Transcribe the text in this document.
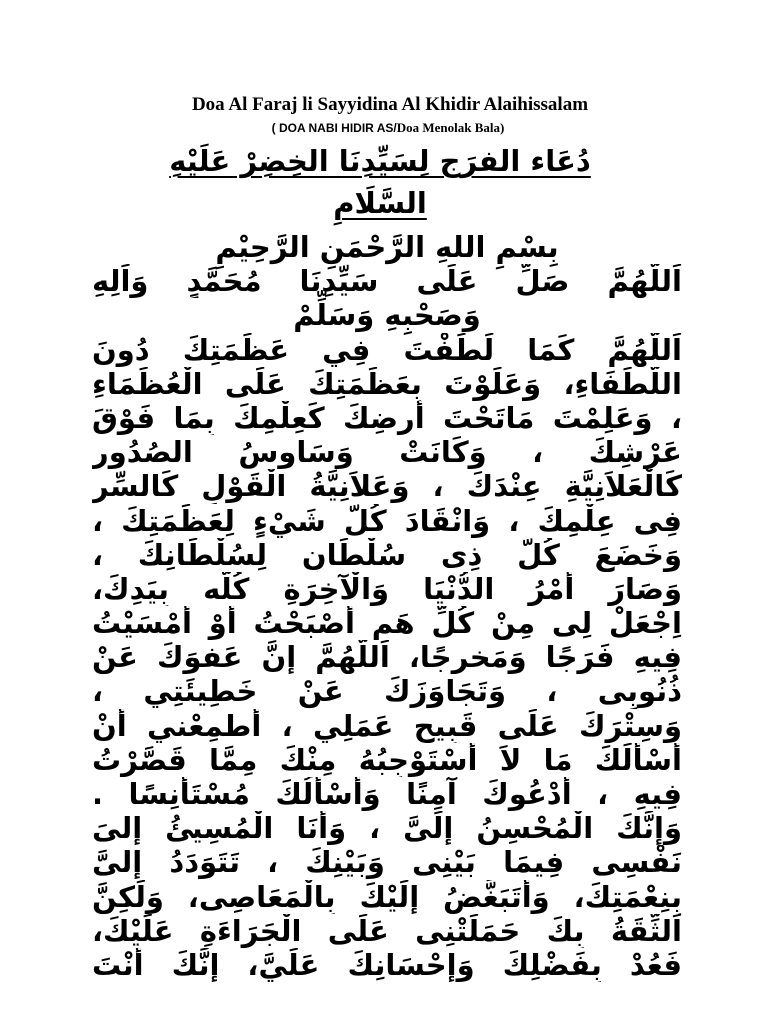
Doa Al Faraj li Sayyidina Al Khidir Alaihissalam
( DOA NABI HIDIR AS/Doa Menolak Bala)
دُعَاء الفرَج لِسَيِّدِنَا الخِضِرْ عَلَيْهِ
السَّلَامِ
بِسْمِ اللهِ الرَّحْمَنِ الرَّحِيْمِ
اَللَّهُمَّ صَلِّ عَلَى سَيِّدِنَا مُحَمَّدٍ وَاَلِهِ
وَصَحْبِهِ وَسَلِّمْ
اَللَّهُمَّ كَمَا لَطَفْتَ فِي عَظَمَتِكَ دُونَ
اللُّطَفَاءِ، وَعَلَوْتَ بِعَظَمَتِكَ عَلَى الْعُظَمَاءِ
، وَعَلِمْتَ مَاتَحْتَ أَرضِكَ كَعِلْمِكَ بِمَا فَوْقَ
عَرْشِكَ ، وَكَانَتْ وَسَاوِسُ الصُدُورِ
كَالْعَلاَنِيَّةِ عِنْدَكَ ، وَعَلاَنِيَّةُ الْقَوْلِ كَالسِّرِ
فِى عِلْمِكَ ، وَانْقَادَ كُلُّ شَيْءٍ لِعَظَمَتِكَ ،
وَخَضَعَ كُلُّ ذِى سُلْطَانٍ لِسُلْطَانِكَ ،
وَصَارَ أَمْرُ الدُّنْيَا وَالْآخِرَةِ كُلُّه بِيَدِكَ،
اِجْعَلْ لِى مِنْ كُلِّ هَم أَصْبَحْتُ أَوْ أَمْسَيْتُ
فِيهِ فَرَجًا وَمَخرجًا، اَللَّهُمَّ إِنَّ عَفوَكَ عَنْ
ذُنُوبِى ، وَتَجَاوَزَكَ عَنْ خَطِيئَتِي ،
وَسِتْرَكَ عَلَى قَبِيحِ عَمَلِي ، أَطمِعْني أَنْ
أَسْأَلَكَ مَا لاَ أَسْتَوْجِبُهُ مِنْكَ مِمَّا قَصَّرْتُ
فِيهِ ، أَدْعُوكَ آمِنًا وَأَسْأَلُكَ مُسْتَأْنِسًا .
وَإِنَّكَ الْمُحْسِنُ إِلَىَّ ، وَأَنَا الْمُسِيئُ إِلىَ
نَفْسِى فِيمَا بَيْنِى وَبَيْنِكَ ، تَتَوَدَدُ إِلىَّ
بِنِعْمَتِكَ، وَأَتَبَغَّضُ إِلَيْكَ بِالْمَعَاصِى، وَلَكِنَّ
اَلثِّقَةُ بِكَ حَمَلَتْنِى عَلَى الْجَرَاءَةِ عَلَيْكَ،
فَعُدْ بِفَضْلِكَ وَإِحْسَانِكَ عَلَيَّ، إِنَّكَ أَنْتَ
